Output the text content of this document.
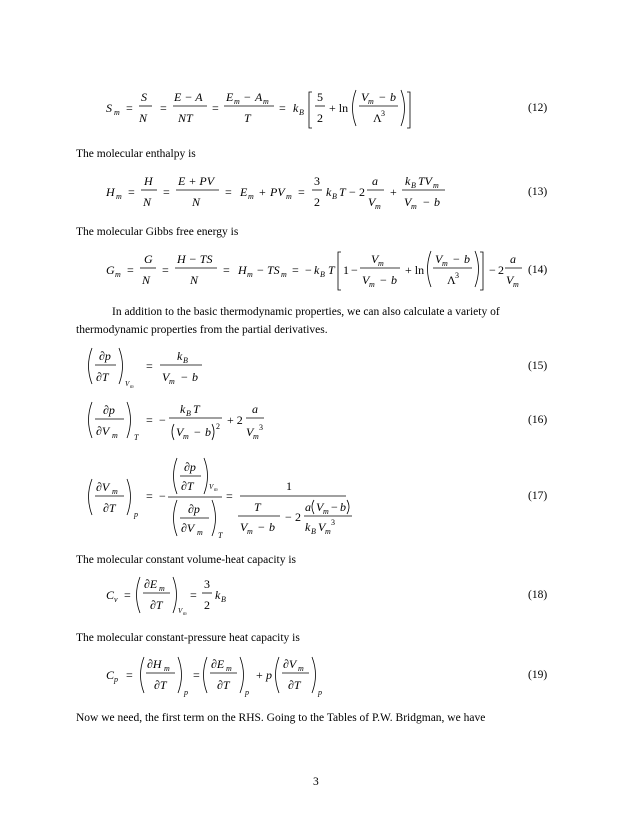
S m =
S
N
=
E − A
NT
=
E m − A m
T
= k B
5
2
+ ln
V m − b
Λ 3	(12)
The molecular enthalpy is
H m =
H
N
=
E + PV
N
= E m + PV m =
3
2
k B T − 2
a
V m
+
k B TV m
V m − b
(13)
The molecular Gibbs free energy is
G m =
G
N
=
H − TS
N
= H m − TS m = − k B T 1 −
V m
V m − b
+ ln
V m − b
Λ 3	− 2
a
V m
(14)
In addition to the basic thermodynamic properties, we can also calculate a variety of
thermodynamic properties from the partial derivatives.
∂p
∂T V m
=
k B
V m − b
(15)
∂p
∂V m T
= −
k B T
V m − b 2 + 2
a
V m
3
(16)
∂V m
∂T p
= −
∂p
∂T V m
∂p
∂V m T
=
1
T
V m − b
− 2
a V m − b
k B V m
3
(17)
The molecular constant volume-heat capacity is
C v =
∂E m
∂T V m
=
3
2
k B	(18)
The molecular constant-pressure heat capacity is
C p =
∂H m
∂T
p
=
∂E m
∂T
p
+ p
∂V m
∂T
p
(19)
Now we need, the first term on the RHS. Going to the Tables of P.W. Bridgman, we have
3
